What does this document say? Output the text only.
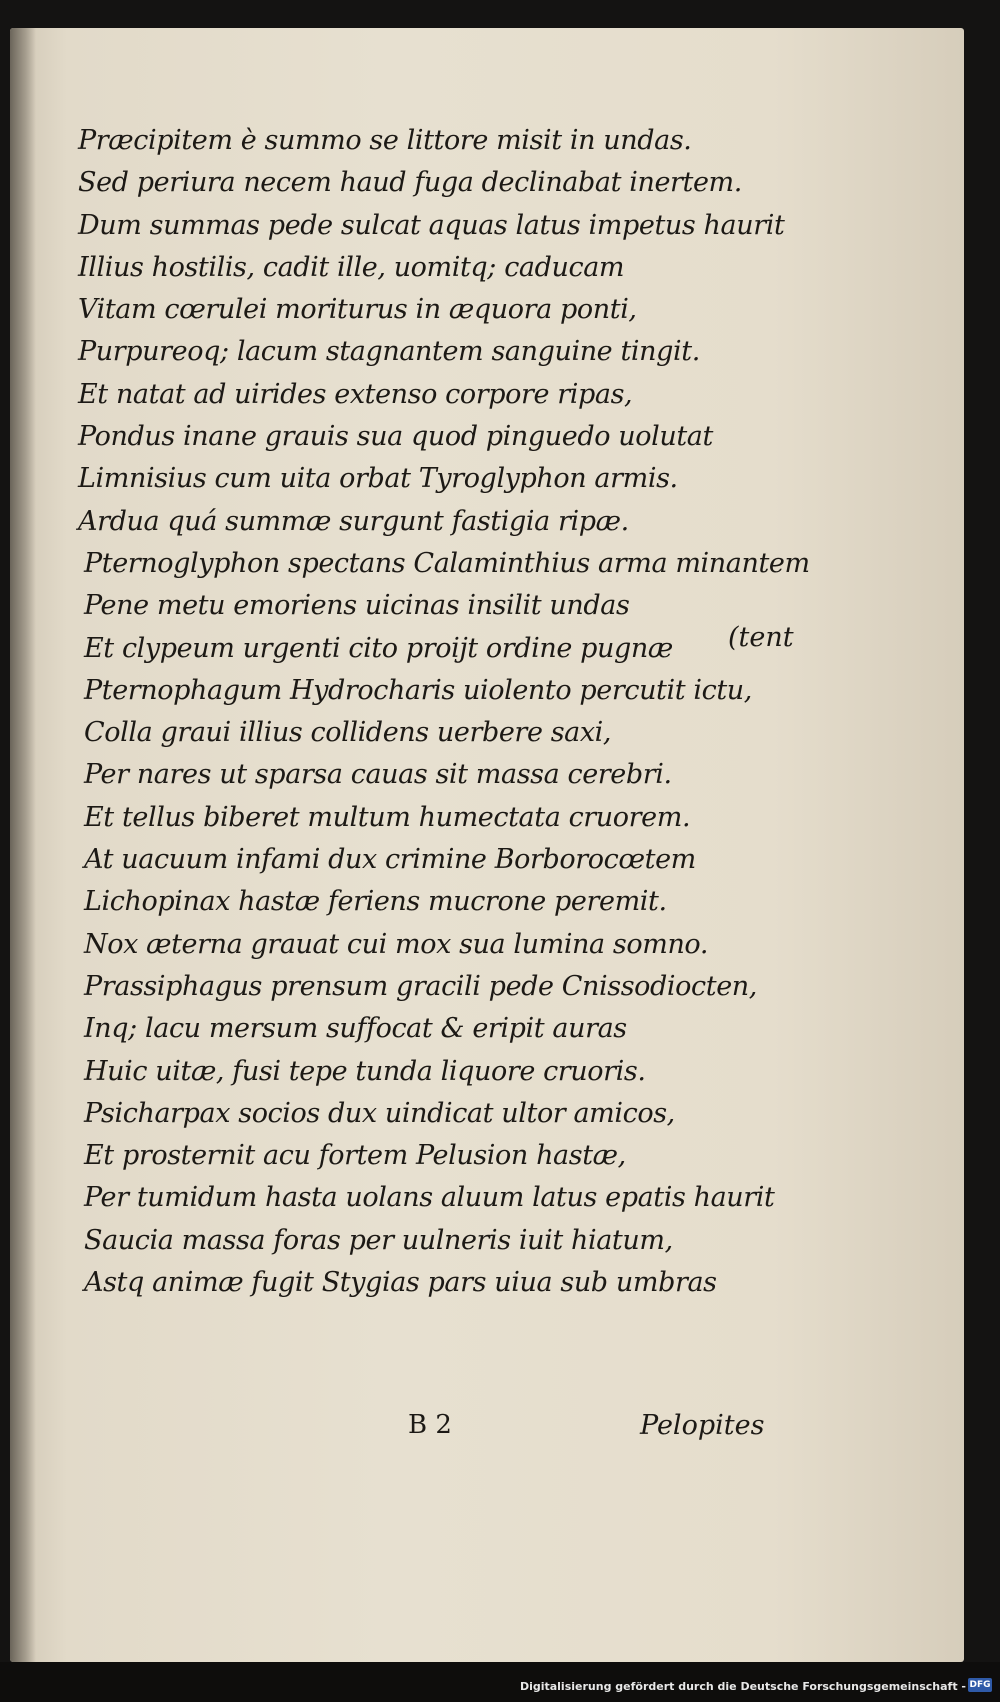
Præcipitem è summo se littore misit in undas.
Sed periura necem haud fuga declinabat inertem.
Dum summas pede sulcat aquas latus impetus haurit
Illius hostilis, cadit ille, uomitq; caducam
Vitam cœrulei moriturus in æquora ponti,
Purpureoq; lacum stagnantem sanguine tingit.
Et natat ad uirides extenso corpore ripas,
Pondus inane grauis sua quod pinguedo uolutat
Limnisius cum uita orbat Tyroglyphon armis.
Ardua quá summæ surgunt fastigia ripæ.
Pternoglyphon spectans Calaminthius arma minantem
Pene metu emoriens uicinas insilit undas
Et clypeum urgenti cito proijt ordine pugnæ
Pternophagum Hydrocharis uiolento percutit ictu,
Colla graui illius collidens uerbere saxi,
Per nares ut sparsa cauas sit massa cerebri.
Et tellus biberet multum humectata cruorem.
At uacuum infami dux crimine Borborocœtem
Lichopinax hastæ feriens mucrone peremit.
Nox æterna grauat cui mox sua lumina somno.
Prassiphagus prensum gracili pede Cnissodiocten,
Inq; lacu mersum suffocat & eripit auras
Huic uitæ, fusi tepe tunda liquore cruoris.
Psicharpax socios dux uindicat ultor amicos,
Et prosternit acu fortem Pelusion hastæ,
Per tumidum hasta uolans aluum latus epatis haurit
Saucia massa foras per uulneris iuit hiatum,
Astq animæ fugit Stygias pars uiua sub umbras
(tent
B 2	Pelopites
Digitalisierung gefördert durch die Deutsche Forschungsgemeinschaft - DFG
